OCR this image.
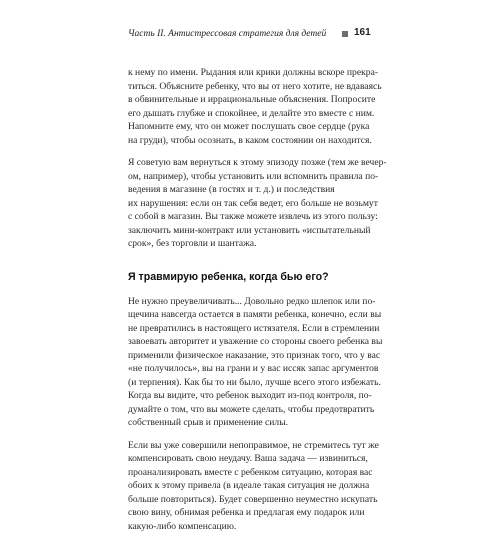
Часть II. Антистрессовая стратегия для детей	161

к нему по имени. Рыдания или крики должны вскоре прекра-
титься. Объясните ребенку, что вы от него хотите, не вдаваясь
в обвинительные и иррациональные объяснения. Попросите
его дышать глубже и спокойнее, и делайте это вместе с ним.
Напомните ему, что он может послушать свое сердце (рука
на груди), чтобы осознать, в каком состоянии он находится.

Я советую вам вернуться к этому эпизоду позже (тем же вечер-
ом, например), чтобы установить или вспомнить правила по-
ведения в магазине (в гостях и т. д.) и последствия
их нарушения: если он так себя ведет, его больше не возьмут
с собой в магазин. Вы также можете извлечь из этого пользу:
заключить мини-контракт или установить «испытательный
срок», без торговли и шантажа.

Я травмирую ребенка, когда бью его?

Не нужно преувеличивать... Довольно редко шлепок или по-
щечина навсегда остается в памяти ребенка, конечно, если вы
не превратились в настоящего истязателя. Если в стремлении
завоевать авторитет и уважение со стороны своего ребенка вы
применили физическое наказание, это признак того, что у вас
«не получилось», вы на грани и у вас иссяк запас аргументов
(и терпения). Как бы то ни было, лучше всего этого избежать.
Когда вы видите, что ребенок выходит из-под контроля, по-
думайте о том, что вы можете сделать, чтобы предотвратить
собственный срыв и применение силы.

Если вы уже совершили непоправимое, не стремитесь тут же
компенсировать свою неудачу. Ваша задача — извиниться,
проанализировать вместе с ребенком ситуацию, которая вас
обоих к этому привела (в идеале такая ситуация не должна
больше повториться). Будет совершенно неуместно искупать
свою вину, обнимая ребенка и предлагая ему подарок или
какую-либо компенсацию.
